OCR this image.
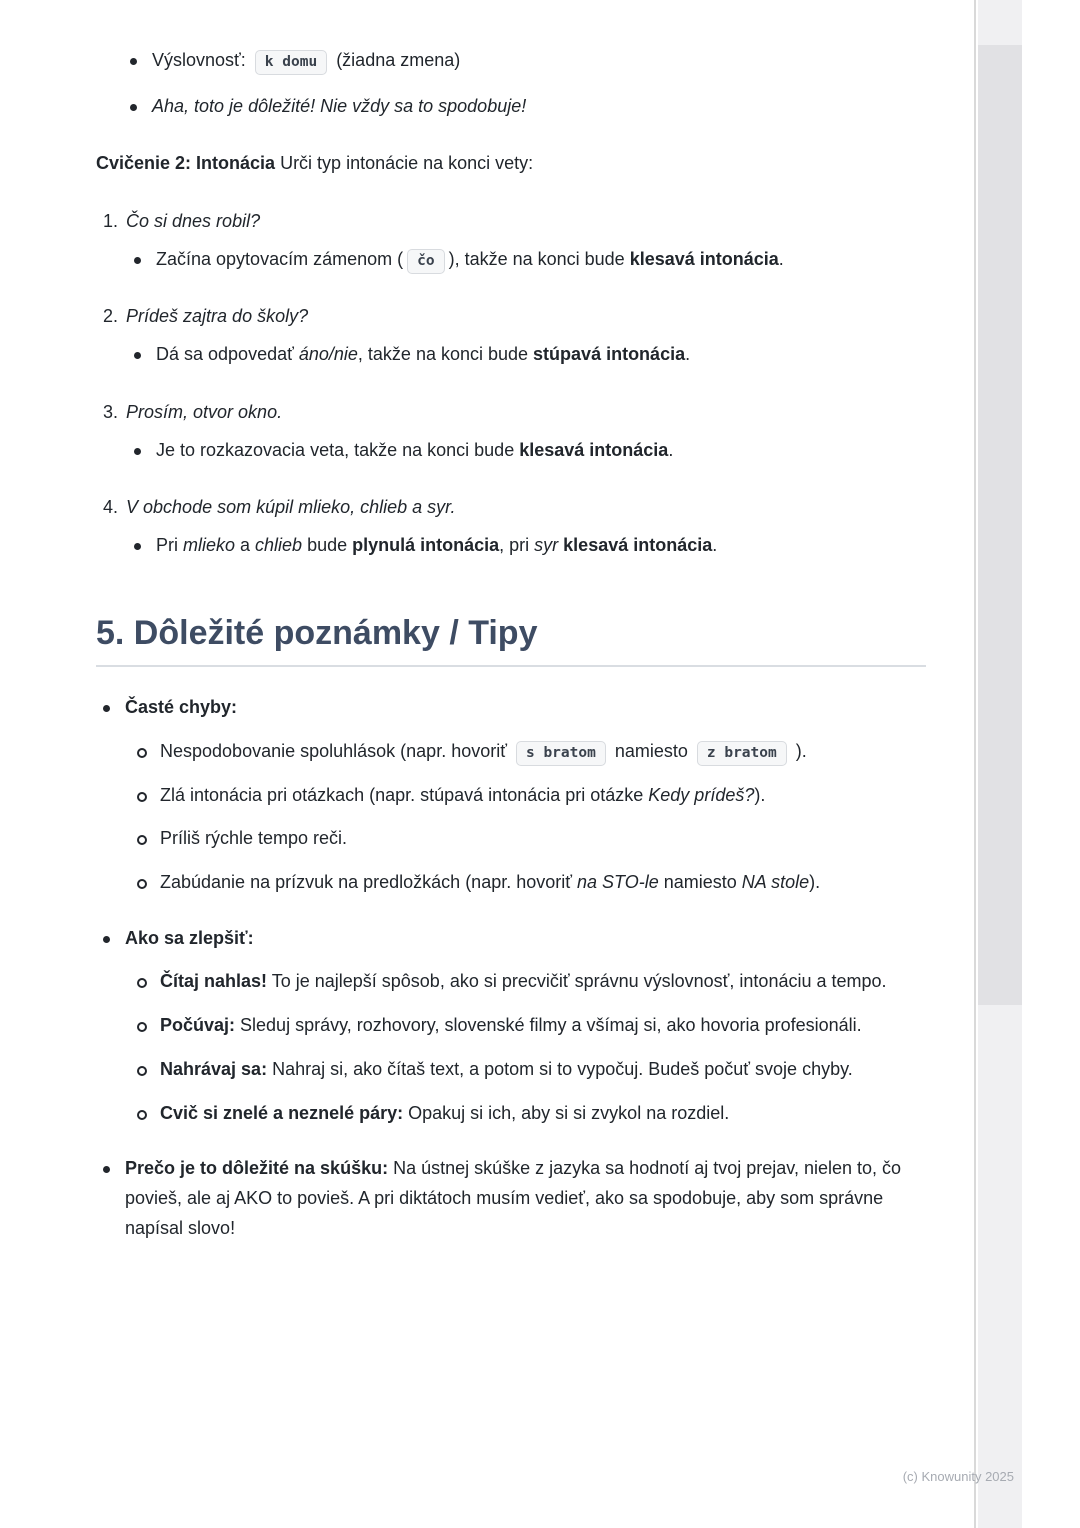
Výslovnosť: k domu (žiadna zmena)
Aha, toto je dôležité! Nie vždy sa to spodobuje!

Cvičenie 2: Intonácia Urči typ intonácie na konci vety:

1. Čo si dnes robil?
Začína opytovacím zámenom ( čo ), takže na konci bude klesavá intonácia.
2. Prídeš zajtra do školy?
Dá sa odpovedať áno/nie, takže na konci bude stúpavá intonácia.
3. Prosím, otvor okno.
Je to rozkazovacia veta, takže na konci bude klesavá intonácia.
4. V obchode som kúpil mlieko, chlieb a syr.
Pri mlieko a chlieb bude plynulá intonácia, pri syr klesavá intonácia.
5. Dôležité poznámky / Tipy
Časté chyby:
Nespodobovanie spoluhlások (napr. hovoriť s bratom namiesto z bratom ).
Zlá intonácia pri otázkach (napr. stúpavá intonácia pri otázke Kedy prídeš?).
Príliš rýchle tempo reči.
Zabúdanie na prízvuk na predložkách (napr. hovoriť na STO-le namiesto NA stole).
Ako sa zlepšiť:
Čítaj nahlas! To je najlepší spôsob, ako si precvičiť správnu výslovnosť, intonáciu a tempo.
Počúvaj: Sleduj správy, rozhovory, slovenské filmy a všímaj si, ako hovoria profesionáli.
Nahrávaj sa: Nahraj si, ako čítaš text, a potom si to vypočuj. Budeš počuť svoje chyby.
Cvič si znelé a neznelé páry: Opakuj si ich, aby si si zvykol na rozdiel.
Prečo je to dôležité na skúšku: Na ústnej skúške z jazyka sa hodnotí aj tvoj prejav, nielen to, čo povieš, ale aj AKO to povieš. A pri diktátoch musím vedieť, ako sa spodobuje, aby som správne napísal slovo!
(c) Knowunity 2025
